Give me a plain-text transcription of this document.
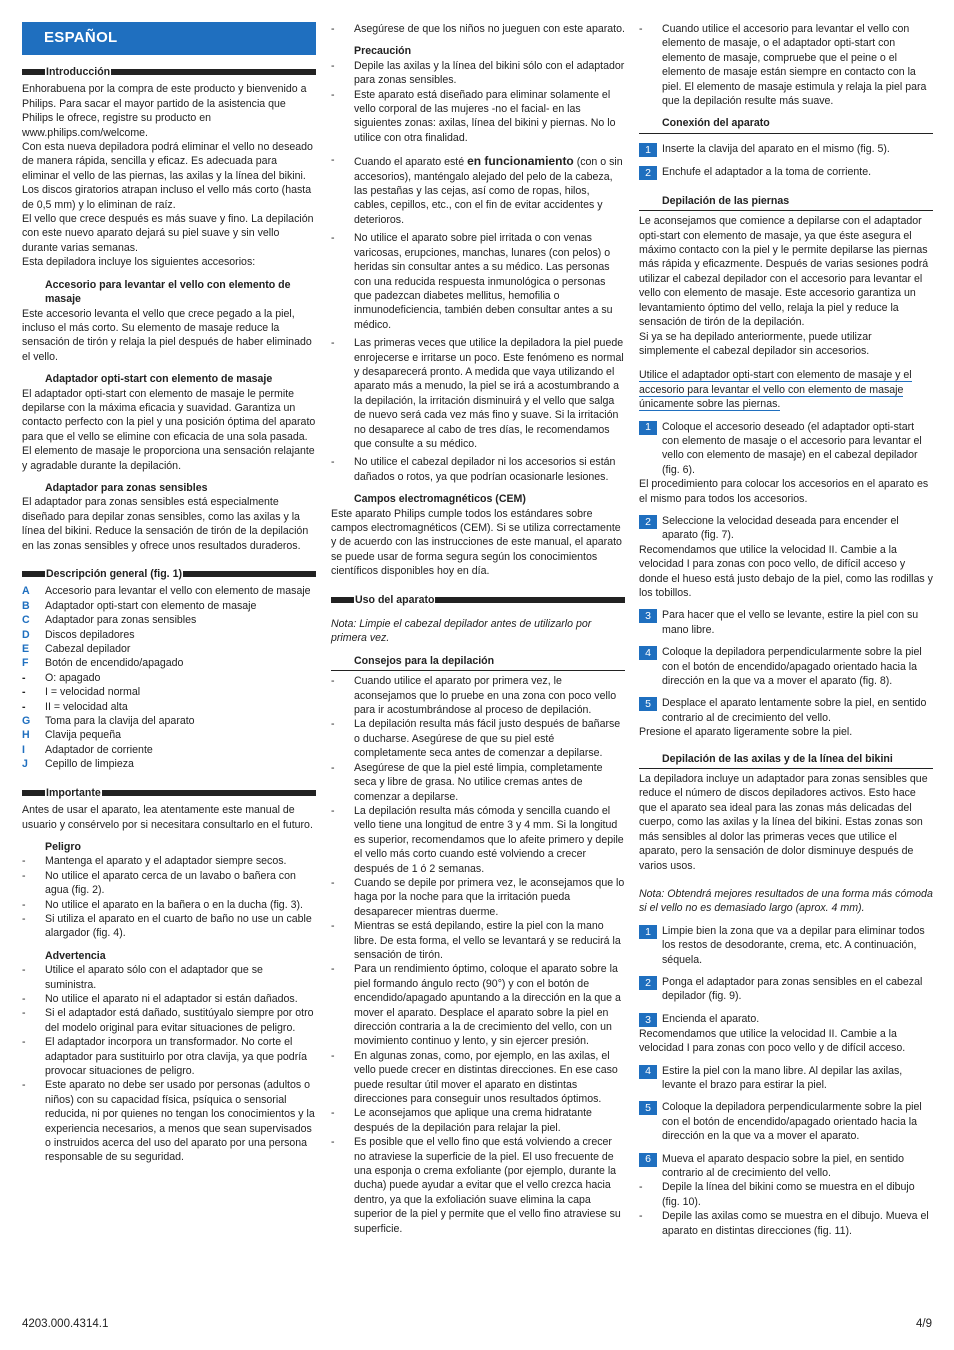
ESPAÑOL
Introducción

Enhorabuena por la compra de este producto y bienvenido a Philips. Para sacar el mayor partido de la asistencia que Philips le ofrece, registre su producto en www.philips.com/welcome.

Con esta nueva depiladora podrá eliminar el vello no deseado de manera rápida, sencilla y eficaz. Es adecuada para eliminar el vello de las piernas, las axilas y la línea del bikini.

Los discos giratorios atrapan incluso el vello más corto (hasta de 0,5 mm) y lo eliminan de raíz.

El vello que crece después es más suave y fino. La depilación con este nuevo aparato dejará su piel suave y sin vello durante varias semanas.

Esta depiladora incluye los siguientes accesorios:

Accesorio para levantar el vello con elemento de masaje

Este accesorio levanta el vello que crece pegado a la piel, incluso el más corto. Su elemento de masaje reduce la sensación de tirón y relaja la piel después de haber eliminado el vello.

Adaptador opti-start con elemento de masaje

El adaptador opti-start con elemento de masaje le permite depilarse con la máxima eficacia y suavidad. Garantiza un contacto perfecto con la piel y una posición óptima del aparato para que el vello se elimine con eficacia de una sola pasada. El elemento de masaje le proporciona una sensación relajante y agradable durante la depilación.

Adaptador para zonas sensibles

El adaptador para zonas sensibles está especialmente diseñado para depilar zonas sensibles, como las axilas y la línea del bikini. Reduce la sensación de tirón de la depilación en las zonas sensibles y ofrece unos resultados duraderos.

Descripción general (fig. 1)
A	Accesorio para levantar el vello con elemento de masaje
B	Adaptador opti-start con elemento de masaje
C	Adaptador para zonas sensibles
D	Discos depiladores
E	Cabezal depilador
F	Botón de encendido/apagado
-	O: apagado
-	I = velocidad normal
-	II = velocidad alta
G	Toma para la clavija del aparato
H	Clavija pequeña
I	Adaptador de corriente
J	Cepillo de limpieza
Importante

Antes de usar el aparato, lea atentamente este manual de usuario y consérvelo por si necesitara consultarlo en el futuro.

Peligro

-	Mantenga el aparato y el adaptador siempre secos.
-	No utilice el aparato cerca de un lavabo o bañera con agua (fig. 2).
-	No utilice el aparato en la bañera o en la ducha (fig. 3).
-	Si utiliza el aparato en el cuarto de baño no use un cable alargador (fig. 4).

Advertencia

-	Utilice el aparato sólo con el adaptador que se suministra.
-	No utilice el aparato ni el adaptador si están dañados.
-	Si el adaptador está dañado, sustitúyalo siempre por otro del modelo original para evitar situaciones de peligro.
-	El adaptador incorpora un transformador. No corte el adaptador para sustituirlo por otra clavija, ya que podría provocar situaciones de peligro.
-	Este aparato no debe ser usado por personas (adultos o niños) con su capacidad física, psíquica o sensorial reducida, ni por quienes no tengan los conocimientos y la experiencia necesarios, a menos que sean supervisados o instruidos acerca del uso del aparato por una persona responsable de su seguridad.
-	Asegúrese de que los niños no jueguen con este aparato.

Precaución

-	Depile las axilas y la línea del bikini sólo con el adaptador para zonas sensibles.
-	Este aparato está diseñado para eliminar solamente el vello corporal de las mujeres -no el facial- en las siguientes zonas: axilas, línea del bikini y piernas. No lo utilice con otra finalidad.
-	Cuando el aparato esté en funcionamiento (con o sin accesorios), manténgalo alejado del pelo de la cabeza, las pestañas y las cejas, así como de ropas, hilos, cables, cepillos, etc., con el fin de evitar accidentes y deterioros.
-	No utilice el aparato sobre piel irritada o con venas varicosas, erupciones, manchas, lunares (con pelos) o heridas sin consultar antes a su médico. Las personas con una reducida respuesta inmunológica o personas que padezcan diabetes mellitus, hemofilia o inmunodeficiencia, también deben consultar antes a su médico.
-	Las primeras veces que utilice la depiladora la piel puede enrojecerse e irritarse un poco. Este fenómeno es normal y desaparecerá pronto. A medida que vaya utilizando el aparato más a menudo, la piel se irá a acostumbrando a la depilación, la irritación disminuirá y el vello que salga de nuevo será cada vez más fino y suave. Si la irritación no desaparece al cabo de tres días, le recomendamos que consulte a su médico.
-	No utilice el cabezal depilador ni los accesorios si están dañados o rotos, ya que podrían ocasionarle lesiones.

Campos electromagnéticos (CEM)

Este aparato Philips cumple todos los estándares sobre campos electromagnéticos (CEM). Si se utiliza correctamente y de acuerdo con las instrucciones de este manual, el aparato se puede usar de forma segura según los conocimientos científicos disponibles hoy en día.

Uso del aparato

Nota: Limpie el cabezal depilador antes de utilizarlo por primera vez.

Consejos para la depilación

-	Cuando utilice el aparato por primera vez, le aconsejamos que lo pruebe en una zona con poco vello para ir acostumbrándose al proceso de depilación.
-	La depilación resulta más fácil justo después de bañarse o ducharse. Asegúrese de que su piel esté completamente seca antes de comenzar a depilarse.
-	Asegúrese de que la piel esté limpia, completamente seca y libre de grasa. No utilice cremas antes de comenzar a depilarse.
-	La depilación resulta más cómoda y sencilla cuando el vello tiene una longitud de entre 3 y 4 mm. Si la longitud es superior, recomendamos que lo afeite primero y depile el vello más corto cuando esté volviendo a crecer después de 1 ó 2 semanas.
-	Cuando se depile por primera vez, le aconsejamos que lo haga por la noche para que la irritación pueda desaparecer mientras duerme.
-	Mientras se está depilando, estire la piel con la mano libre. De esta forma, el vello se levantará y se reducirá la sensación de tirón.
-	Para un rendimiento óptimo, coloque el aparato sobre la piel formando ángulo recto (90°) y con el botón de encendido/apagado apuntando a la dirección en la que a mover el aparato. Desplace el aparato sobre la piel en dirección contraria a la de crecimiento del vello, con un movimiento continuo y lento, y sin ejercer presión.
-	En algunas zonas, como, por ejemplo, en las axilas, el vello puede crecer en distintas direcciones. En ese caso puede resultar útil mover el aparato en distintas direcciones para conseguir unos resultados óptimos.
-	Le aconsejamos que aplique una crema hidratante después de la depilación para relajar la piel.
-	Es posible que el vello fino que está volviendo a crecer no atraviese la superficie de la piel. El uso frecuente de una esponja o crema exfoliante (por ejemplo, durante la ducha) puede ayudar a evitar que el vello crezca hacia dentro, ya que la exfoliación suave elimina la capa superior de la piel y permite que el vello fino atraviese su superficie.
-	Cuando utilice el accesorio para levantar el vello con elemento de masaje, o el adaptador opti-start con elemento de masaje, compruebe que el peine o el elemento de masaje están siempre en contacto con la piel. El elemento de masaje estimula y relaja la piel para que la depilación resulte más suave.

Conexión del aparato

1	Inserte la clavija del aparato en el mismo (fig. 5).
2	Enchufe el adaptador a la toma de corriente.

Depilación de las piernas

Le aconsejamos que comience a depilarse con el adaptador opti-start con elemento de masaje, ya que éste asegura el máximo contacto con la piel y le permite depilarse las piernas más rápida y eficazmente. Después de varias sesiones podrá utilizar el cabezal depilador con el accesorio para levantar el vello con elemento de masaje. Este accesorio garantiza un levantamiento óptimo del vello, relaja la piel y reduce la sensación de tirón de la depilación.

Si ya se ha depilado anteriormente, puede utilizar simplemente el cabezal depilador sin accesorios.

Utilice el adaptador opti-start con elemento de masaje y el accesorio para levantar el vello con elemento de masaje únicamente sobre las piernas.

1	Coloque el accesorio deseado (el adaptador opti-start con elemento de masaje o el accesorio para levantar el vello con elemento de masaje) en el cabezal depilador (fig. 6).

El procedimiento para colocar los accesorios en el aparato es el mismo para todos los accesorios.

2	Seleccione la velocidad deseada para encender el aparato (fig. 7).

Recomendamos que utilice la velocidad II. Cambie a la velocidad I para zonas con poco vello, de difícil acceso y donde el hueso está justo debajo de la piel, como las rodillas y los tobillos.

3	Para hacer que el vello se levante, estire la piel con su mano libre.
4	Coloque la depiladora perpendicularmente sobre la piel con el botón de encendido/apagado orientado hacia la dirección en la que va a mover el aparato (fig. 8).
5	Desplace el aparato lentamente sobre la piel, en sentido contrario al de crecimiento del vello.

Presione el aparato ligeramente sobre la piel.

Depilación de las axilas y de la línea del bikini

La depiladora incluye un adaptador para zonas sensibles que reduce el número de discos depiladores activos. Esto hace que el aparato sea ideal para las zonas más delicadas del cuerpo, como las axilas y la línea del bikini. Estas zonas son más sensibles al dolor las primeras veces que utilice el aparato, pero la sensación de dolor disminuye después de varios usos.

Nota: Obtendrá mejores resultados de una forma más cómoda si el vello no es demasiado largo (aprox. 4 mm).

1	Limpie bien la zona que va a depilar para eliminar todos los restos de desodorante, crema, etc. A continuación, séquela.
2	Ponga el adaptador para zonas sensibles en el cabezal depilador (fig. 9).
3	Encienda el aparato.

Recomendamos que utilice la velocidad II. Cambie a la velocidad I para zonas con poco vello y de difícil acceso.

4	Estire la piel con la mano libre. Al depilar las axilas, levante el brazo para estirar la piel.
5	Coloque la depiladora perpendicularmente sobre la piel con el botón de encendido/apagado orientado hacia la dirección en la que va a mover el aparato.
6	Mueva el aparato despacio sobre la piel, en sentido contrario al de crecimiento del vello.
-	Depile la línea del bikini como se muestra en el dibujo (fig. 10).
-	Depile las axilas como se muestra en el dibujo. Mueva el aparato en distintas direcciones (fig. 11).
4203.000.4314.1	4/9
